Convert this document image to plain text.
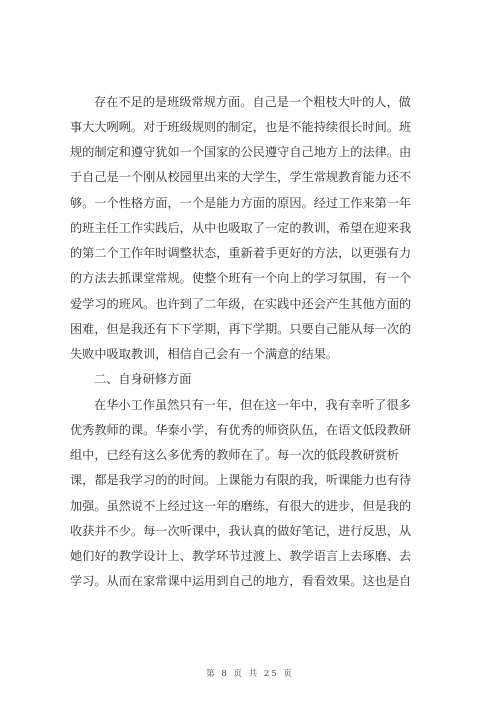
存在不足的是班级常规方面。自己是一个粗枝大叶的人，做
事大大咧咧。对于班级规则的制定，也是不能持续很长时间。班
规的制定和遵守犹如一个国家的公民遵守自己地方上的法律。由
于自己是一个刚从校园里出来的大学生，学生常规教育能力还不
够。一个性格方面，一个是能力方面的原因。经过工作来第一年
的班主任工作实践后，从中也吸取了一定的教训，希望在迎来我
的第二个工作年时调整状态，重新着手更好的方法，以更强有力
的方法去抓课堂常规。使整个班有一个向上的学习氛围，有一个
爱学习的班风。也许到了二年级，在实践中还会产生其他方面的
困难，但是我还有下下学期，再下学期。只要自己能从每一次的
失败中吸取教训，相信自己会有一个满意的结果。
二、自身研修方面
在华小工作虽然只有一年，但在这一年中，我有幸听了很多
优秀教师的课。华泰小学，有优秀的师资队伍，在语文低段教研
组中，已经有这么多优秀的教师在了。每一次的低段教研赏析
课，都是我学习的的时间。上课能力有限的我，听课能力也有待
加强。虽然说不上经过这一年的磨练，有很大的进步，但是我的
收获并不少。每一次听课中，我认真的做好笔记，进行反思，从
她们好的教学设计上、教学环节过渡上、教学语言上去琢磨、去
学习。从而在家常课中运用到自己的地方，看看效果。这也是自
第 8 页 共 25 页
